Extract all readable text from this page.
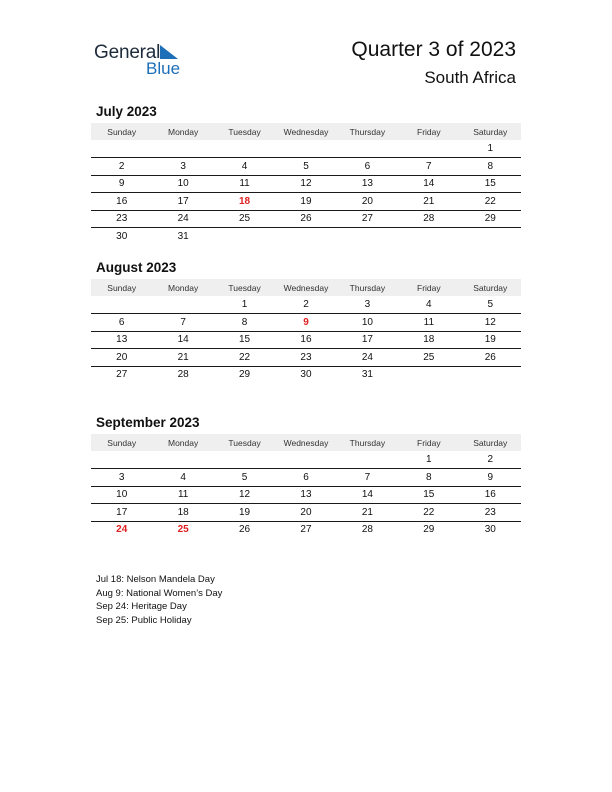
General
Blue
Quarter 3 of 2023
South Africa
July 2023
Sunday	Monday	Tuesday	Wednesday	Thursday	Friday	Saturday
						1
2	3	4	5	6	7	8
9	10	11	12	13	14	15
16	17	18	19	20	21	22
23	24	25	26	27	28	29
30	31					
August 2023
Sunday	Monday	Tuesday	Wednesday	Thursday	Friday	Saturday
		1	2	3	4	5
6	7	8	9	10	11	12
13	14	15	16	17	18	19
20	21	22	23	24	25	26
27	28	29	30	31		
September 2023
Sunday	Monday	Tuesday	Wednesday	Thursday	Friday	Saturday
					1	2
3	4	5	6	7	8	9
10	11	12	13	14	15	16
17	18	19	20	21	22	23
24	25	26	27	28	29	30
Jul 18: Nelson Mandela Day
Aug 9: National Women’s Day
Sep 24: Heritage Day
Sep 25: Public Holiday
